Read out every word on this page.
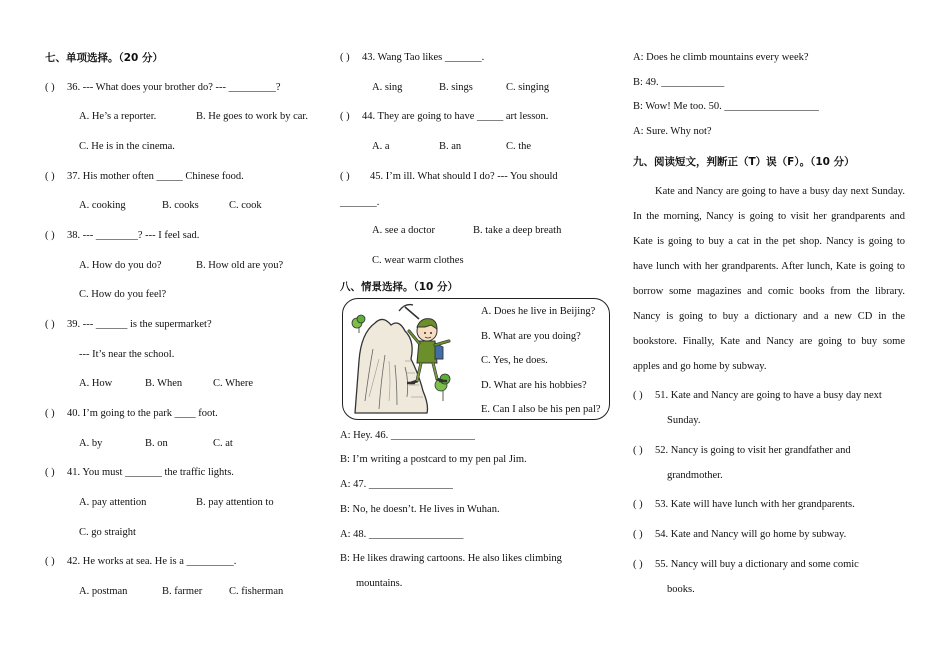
七、单项选择。（20 分）
( ) 36. --- What does your brother do? --- _________?
A. He’s a reporter.	B. He goes to work by car.
C. He is in the cinema.
( ) 37. His mother often _____ Chinese food.
A. cooking	B. cooks	C. cook
( ) 38. --- ________? --- I feel sad.
A. How do you do?	B. How old are you?
C. How do you feel?
( ) 39. --- ______ is the supermarket?
--- It’s near the school.
A. How	B. When	C. Where
( ) 40. I’m going to the park ____ foot.
A. by	B. on	C. at
( ) 41. You must _______ the traffic lights.
A. pay attention	B. pay attention to
C. go straight
( ) 42. He works at sea. He is a _________.
A. postman	B. farmer	C. fisherman
( ) 43. Wang Tao likes _______.
A. sing	B. sings	C. singing
( ) 44. They are going to have _____ art lesson.
A. a	B. an	C. the
( ) 45. I’m ill. What should I do? --- You should
_______.
A. see a doctor	B. take a deep breath
C. wear warm clothes
八、情景选择。（10 分）
A. Does he live in Beijing?
B. What are you doing?
C. Yes, he does.
D. What are his hobbies?
E. Can I also be his pen pal?
A: Hey. 46. ________________
B: I’m writing a postcard to my pen pal Jim.
A: 47. ________________
B: No, he doesn’t. He lives in Wuhan.
A: 48. __________________
B: He likes drawing cartoons. He also likes climbing
mountains.
A: Does he climb mountains every week?
B: 49. ____________
B: Wow! Me too. 50. __________________
A: Sure. Why not?
九、阅读短文，判断正（T）误（F）。（10 分）
Kate and Nancy are going to have a busy day next Sunday. In the morning, Nancy is going to visit her grandparents and Kate is going to buy a cat in the pet shop. Nancy is going to have lunch with her grandparents. After lunch, Kate is going to borrow some magazines and comic books from the library. Nancy is going to buy a dictionary and a new CD in the bookstore. Finally, Kate and Nancy are going to buy some apples and go home by subway.
( ) 51. Kate and Nancy are going to have a busy day next
Sunday.
( ) 52. Nancy is going to visit her grandfather and
grandmother.
( ) 53. Kate will have lunch with her grandparents.
( ) 54. Kate and Nancy will go home by subway.
( ) 55. Nancy will buy a dictionary and some comic
books.
